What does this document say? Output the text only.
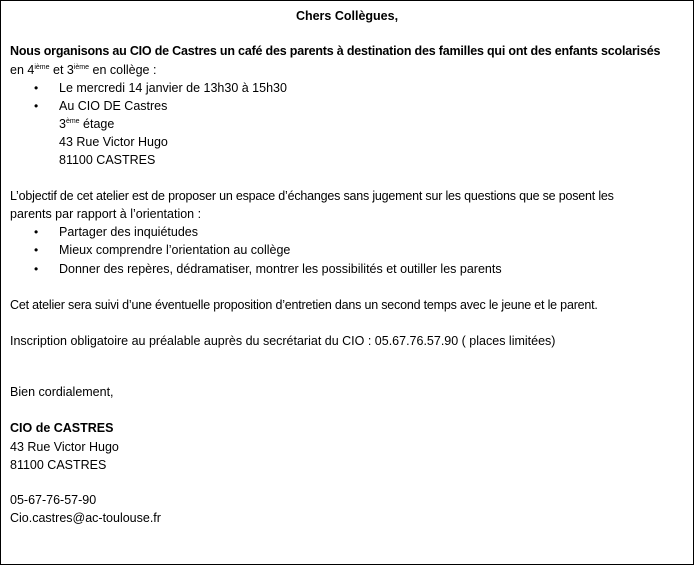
Chers Collègues,
Nous organisons au CIO de Castres un café des parents à destination des familles qui ont des enfants scolarisés
en 4ième et 3ième en collège :
• Le mercredi 14 janvier de 13h30 à 15h30
• Au CIO DE Castres
3ème étage
43 Rue Victor Hugo
81100 CASTRES
L’objectif de cet atelier est de proposer un espace d’échanges sans jugement sur les questions que se posent les
parents par rapport à l’orientation :
• Partager des inquiétudes
• Mieux comprendre l’orientation au collège
• Donner des repères, dédramatiser, montrer les possibilités et outiller les parents
Cet atelier sera suivi d’une éventuelle proposition d’entretien dans un second temps avec le jeune et le parent.
Inscription obligatoire au préalable auprès du secrétariat du CIO : 05.67.76.57.90 ( places limitées)
Bien cordialement,
CIO de CASTRES
43 Rue Victor Hugo
81100 CASTRES
05-67-76-57-90
Cio.castres@ac-toulouse.fr
